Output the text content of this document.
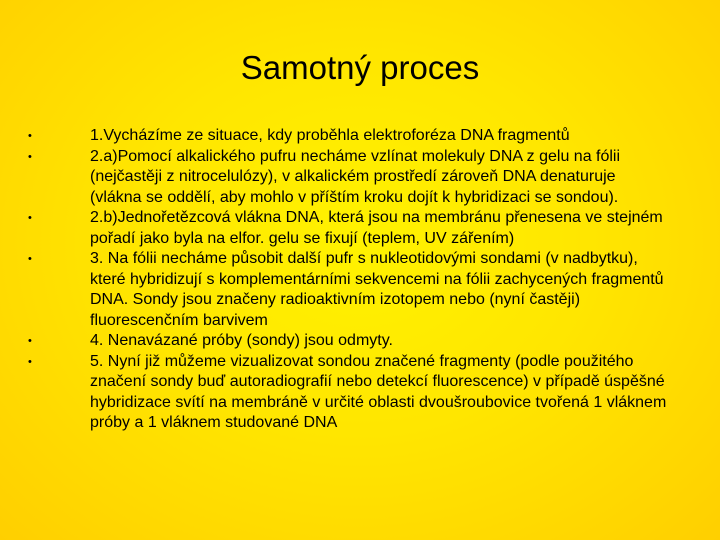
Samotný proces
•	1.Vycházíme ze situace, kdy proběhla elektroforéza DNA fragmentů
•	2.a)Pomocí alkalického pufru necháme vzlínat molekuly DNA z gelu na fólii (nejčastěji z nitrocelulózy), v alkalickém prostředí zároveň DNA denaturuje (vlákna se oddělí, aby mohlo v příštím kroku dojít k hybridizaci se sondou).
•	2.b)Jednořetězcová vlákna DNA, která jsou na membránu přenesena ve stejném pořadí jako byla na elfor. gelu se fixují (teplem, UV zářením)
•	3. Na fólii necháme působit další pufr s nukleotidovými sondami (v nadbytku), které hybridizují s komplementárními sekvencemi na fólii zachycených fragmentů DNA. Sondy jsou značeny radioaktivním izotopem nebo (nyní častěji) fluorescenčním barvivem
•	4. Nenavázané próby (sondy) jsou odmyty.
•	5. Nyní již můžeme vizualizovat sondou značené fragmenty (podle použitého značení sondy buď autoradiografií nebo detekcí fluorescence) v případě úspěšné hybridizace svítí na membráně v určité oblasti dvoušroubovice tvořená 1 vláknem próby a 1 vláknem studované DNA
